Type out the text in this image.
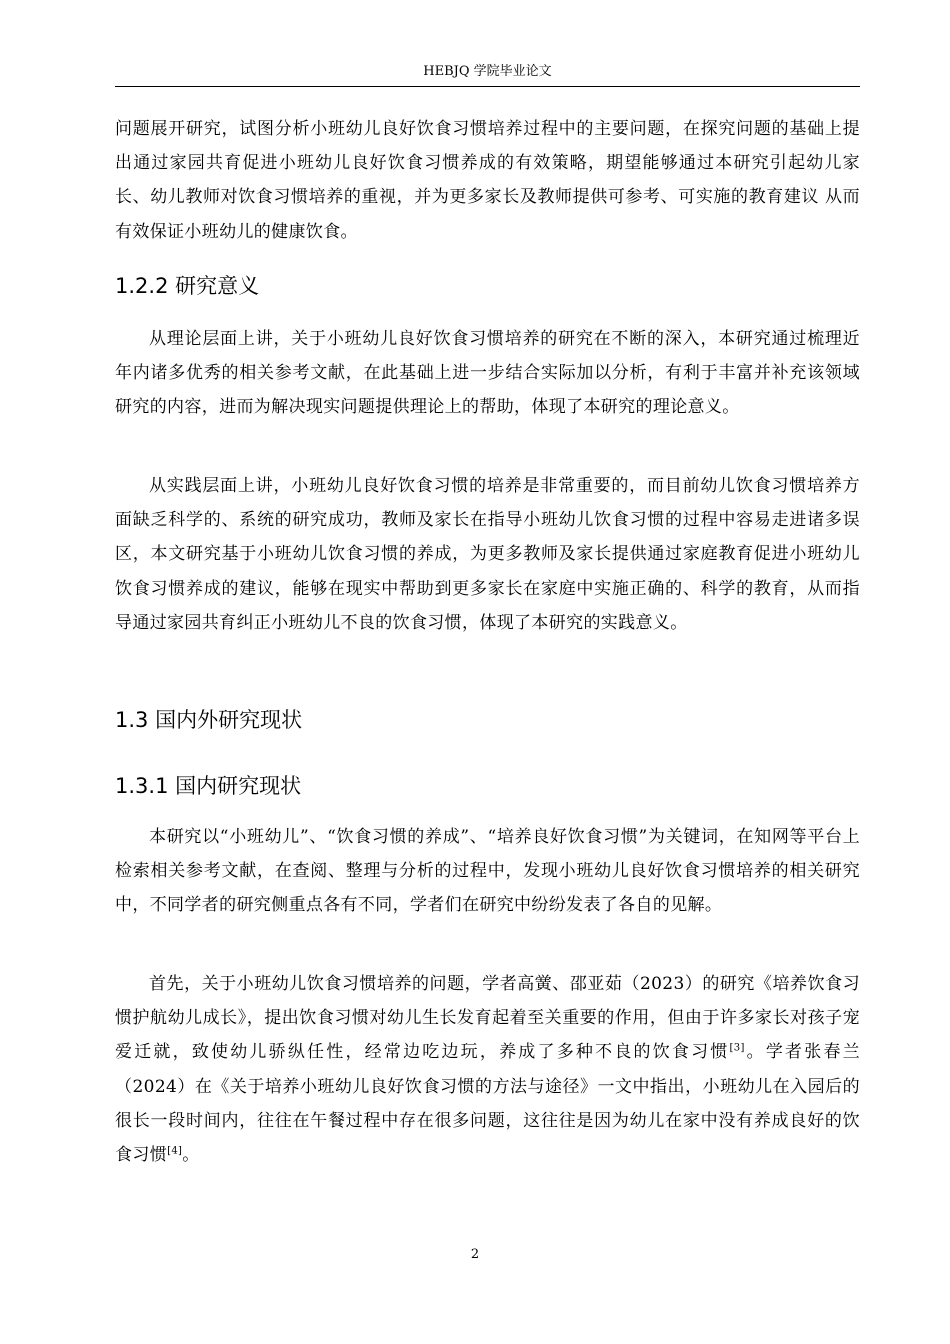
HEBJQ 学院毕业论文

问题展开研究，试图分析小班幼儿良好饮食习惯培养过程中的主要问题，在探究问题的基础上提出通过家园共育促进小班幼儿良好饮食习惯养成的有效策略，期望能够通过本研究引起幼儿家长、幼儿教师对饮食习惯培养的重视，并为更多家长及教师提供可参考、可实施的教育建议 从而有效保证小班幼儿的健康饮食。

1.2.2 研究意义

从理论层面上讲，关于小班幼儿良好饮食习惯培养的研究在不断的深入，本研究通过梳理近年内诸多优秀的相关参考文献，在此基础上进一步结合实际加以分析，有利于丰富并补充该领域研究的内容，进而为解决现实问题提供理论上的帮助，体现了本研究的理论意义。

从实践层面上讲，小班幼儿良好饮食习惯的培养是非常重要的，而目前幼儿饮食习惯培养方面缺乏科学的、系统的研究成功，教师及家长在指导小班幼儿饮食习惯的过程中容易走进诸多误区，本文研究基于小班幼儿饮食习惯的养成，为更多教师及家长提供通过家庭教育促进小班幼儿饮食习惯养成的建议，能够在现实中帮助到更多家长在家庭中实施正确的、科学的教育，从而指导通过家园共育纠正小班幼儿不良的饮食习惯，体现了本研究的实践意义。

1.3 国内外研究现状
1.3.1 国内研究现状

本研究以“小班幼儿”、“饮食习惯的养成”、“培养良好饮食习惯”为关键词，在知网等平台上检索相关参考文献，在查阅、整理与分析的过程中，发现小班幼儿良好饮食习惯培养的相关研究中，不同学者的研究侧重点各有不同，学者们在研究中纷纷发表了各自的见解。

首先，关于小班幼儿饮食习惯培养的问题，学者高黉、邵亚茹（2023）的研究《培养饮食习惯护航幼儿成长》，提出饮食习惯对幼儿生长发育起着至关重要的作用，但由于许多家长对孩子宠爱迁就，致使幼儿骄纵任性，经常边吃边玩，养成了多种不良的饮食习惯[3]。学者张春兰（2024）在《关于培养小班幼儿良好饮食习惯的方法与途径》一文中指出，小班幼儿在入园后的很长一段时间内，往往在午餐过程中存在很多问题，这往往是因为幼儿在家中没有养成良好的饮食习惯[4]。

2
